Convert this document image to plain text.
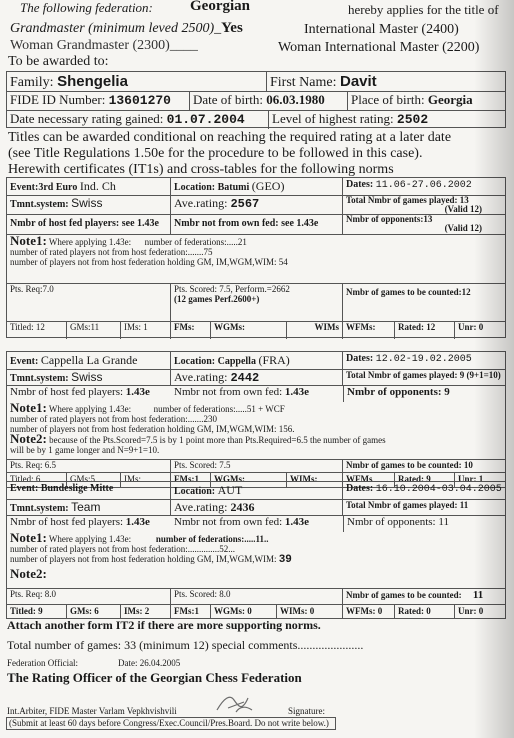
The following federation: Georgian	hereby applies for the title of
Grandmaster (minimum leved 2500)_Yes	International Master (2400)
Woman Grandmaster (2300)____	Woman International Master (2200)
To be awarded to:
Family: Shengelia	First Name: Davit
FIDE ID Number: 13601270	Date of birth: 06.03.1980	Place of birth: Georgia
Date necessary rating gained: 01.07.2004	Level of highest rating: 2502
Titles can be awarded conditional on reaching the required rating at a later date
(see Title Regulations 1.50e for the procedure to be followed in this case).
Herewith certificates (IT1s) and cross-tables for the following norms
Event:3rd Euro Ind. Ch	Location: Batumi (GEO)	Dates: 11.06-27.06.2002
Tmnt.system: Swiss	Ave.rating: 2567	Total Nmbr of games played: 13
(Valid 12)
Nmbr of host fed players: see 1.43e	Nmbr not from own fed: see 1.43e	Nmbr of opponents:13
(Valid 12)
Note1: Where applying 1.43e: number of federations:.....21
number of rated players not from host federation:.......75
number of players not from host federation holding GM, IM,WGM,WIM: 54
Pts. Req:7.0	Pts. Scored: 7.5, Perform.=2662
(12 games Perf.2600+)
Nmbr of games to be counted:12
Titled: 12	GMs:11	IMs: 1	FMs:	WGMs:	WIMs WFMs:	Rated: 12	Unr: 0
Event: Cappella La Grande	Location: Cappella (FRA)	Dates: 12.02-19.02.2005
Tmnt.system: Swiss	Ave.rating: 2442	Total Nmbr of games played: 9 (9+1=10)
Nmbr of host fed players: 1.43e	Nmbr not from own fed: 1.43e	Nmbr of opponents: 9
Note1: Where applying 1.43e:	number of federations:.....51 + WCF
number of rated players not from host federation:.......230
number of players not from host federation holding GM, IM,WGM,WIM: 156.
Note2: because of the Pts.Scored=7.5 is by 1 point more than Pts.Required=6.5 the number of games
will be by 1 game longer and N=9+1=10.
Pts. Req: 6.5	Pts. Scored: 7.5	Nmbr of games to be counted: 10
Titled: 6	GMs:5	IMs:	FMs:1	WGMs:	WIMs:	WFMs	Rated: 9	Unr: 1
Event: Bundeslige Mitte	Location: AUT	Dates: 16.10.2004-03.04.2005
Tmnt.system: Team	Ave.rating: 2436	Total Nmbr of games played: 11
Nmbr of host fed players: 1.43e	Nmbr not from own fed: 1.43e	Nmbr of opponents: 11
Note1: Where applying 1.43e:	number of federations:.....11..
number of rated players not from host federation:..............52...
number of players not from host federation holding GM, IM,WGM,WIM: 39
Note2:
Pts. Req: 8.0	Pts. Scored: 8.0	Nmbr of games to be counted: 11
Titled: 9	GMs: 6	IMs: 2	FMs:1	WGMs: 0	WIMs: 0	WFMs: 0	Rated: 0	Unr: 0
Attach another form IT2 if there are more supporting norms.
Total number of games: 33 (minimum 12) special comments......................
Federation Official:	Date: 26.04.2005
The Rating Officer of the Georgian Chess Federation
Int.Arbiter, FIDE Master Varlam Vepkhvishvili	Signature:
(Submit at least 60 days before Congress/Exec.Council/Pres.Board. Do not write below.)
